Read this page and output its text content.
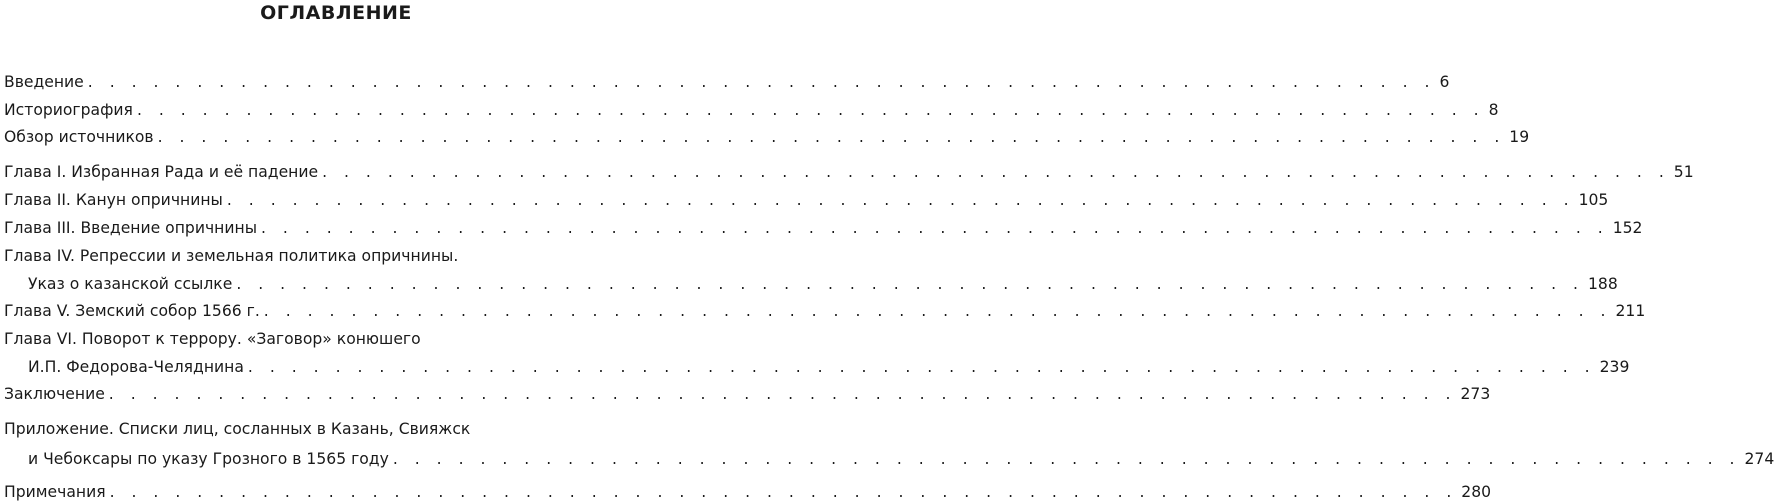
ОГЛАВЛЕНИЕ
Введение . . . . . . . . . . . . . . . . . . . . . . . . . . . . . . . . . . . . . . . . . . . . . . . . . . . . . . . . . . . . . . 6
Историография . . . . . . . . . . . . . . . . . . . . . . . . . . . . . . . . . . . . . . . . . . . . . . . . . . . . . . . . . . . . . . 8
Обзор источников . . . . . . . . . . . . . . . . . . . . . . . . . . . . . . . . . . . . . . . . . . . . . . . . . . . . . . . . . . . . . . 19
Глава I. Избранная Рада и её падение . . . . . . . . . . . . . . . . . . . . . . . . . . . . . . . . . . . . . . . . . . . . . . . . . . . . . . . . . . . . . . 51
Глава II. Канун опричнины . . . . . . . . . . . . . . . . . . . . . . . . . . . . . . . . . . . . . . . . . . . . . . . . . . . . . . . . . . . . . . 105
Глава III. Введение опричнины . . . . . . . . . . . . . . . . . . . . . . . . . . . . . . . . . . . . . . . . . . . . . . . . . . . . . . . . . . . . . . 152
Глава IV. Репрессии и земельная политика опричнины.
Указ о казанской ссылке . . . . . . . . . . . . . . . . . . . . . . . . . . . . . . . . . . . . . . . . . . . . . . . . . . . . . . . . . . . . . . 188
Глава V. Земский собор 1566 г. . . . . . . . . . . . . . . . . . . . . . . . . . . . . . . . . . . . . . . . . . . . . . . . . . . . . . . . . . . . . . . 211
Глава VI. Поворот к террору. «Заговор» конюшего
И.П. Федорова-Челяднина . . . . . . . . . . . . . . . . . . . . . . . . . . . . . . . . . . . . . . . . . . . . . . . . . . . . . . . . . . . . . . 239
Заключение . . . . . . . . . . . . . . . . . . . . . . . . . . . . . . . . . . . . . . . . . . . . . . . . . . . . . . . . . . . . . . 273
Приложение. Списки лиц, сосланных в Казань, Свияжск
и Чебоксары по указу Грозного в 1565 году . . . . . . . . . . . . . . . . . . . . . . . . . . . . . . . . . . . . . . . . . . . . . . . . . . . . . . . . . . . . . . 274
Примечания . . . . . . . . . . . . . . . . . . . . . . . . . . . . . . . . . . . . . . . . . . . . . . . . . . . . . . . . . . . . . . 280
